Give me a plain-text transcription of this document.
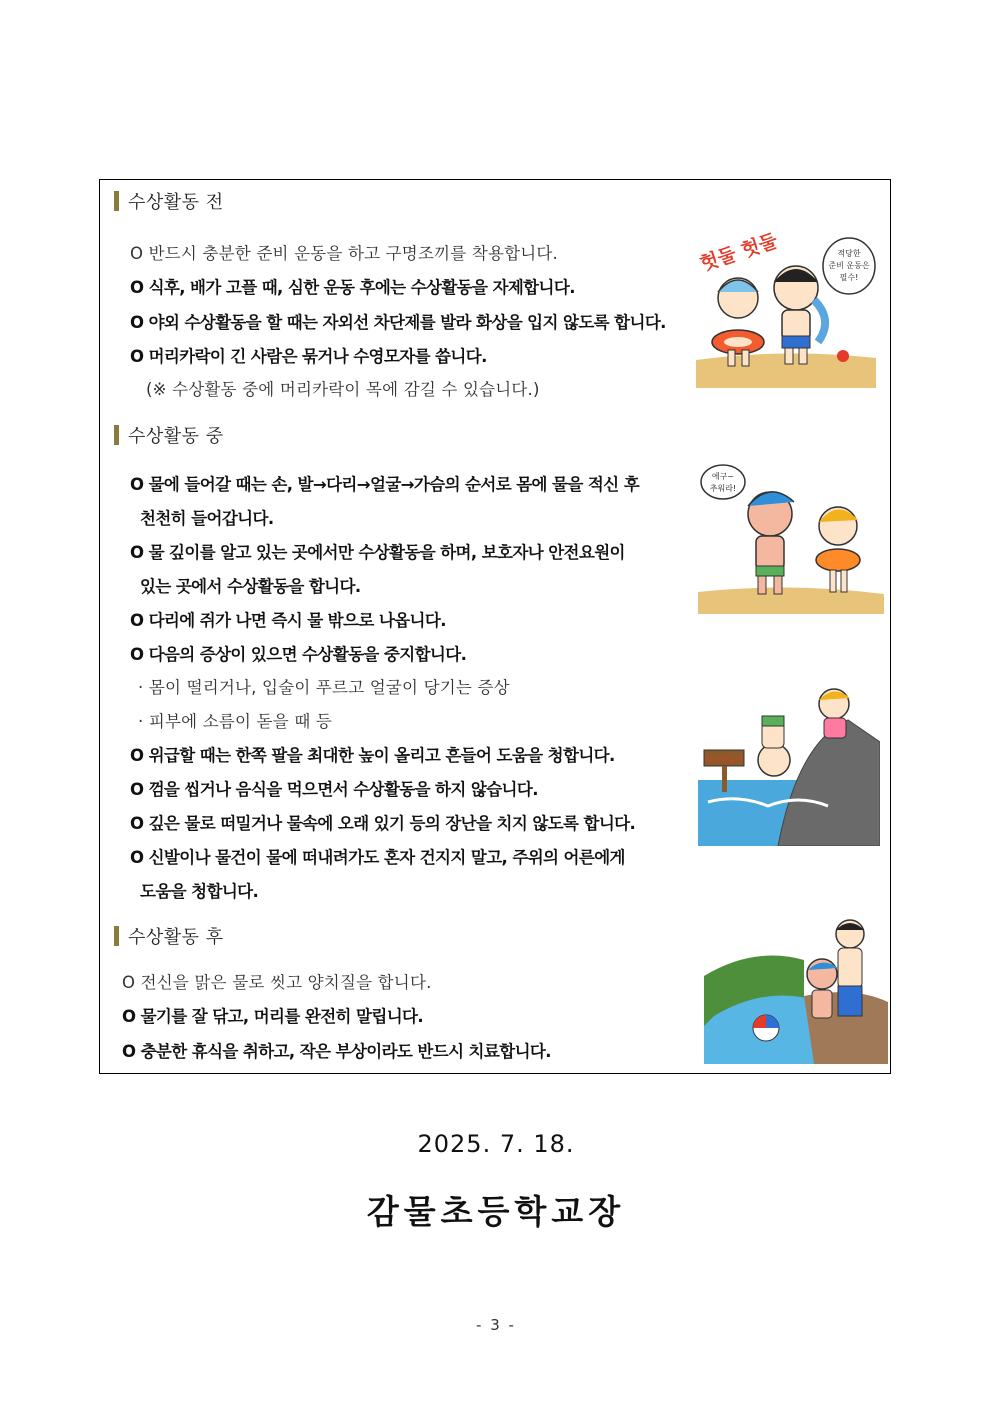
수상활동 전
O 반드시 충분한 준비 운동을 하고 구명조끼를 착용합니다.
O 식후, 배가 고플 때, 심한 운동 후에는 수상활동을 자제합니다.
O 야외 수상활동을 할 때는 자외선 차단제를 발라 화상을 입지 않도록 합니다.
O 머리카락이 긴 사람은 묶거나 수영모자를 씁니다.
(※ 수상활동 중에 머리카락이 목에 감길 수 있습니다.)
수상활동 중
O 물에 들어갈 때는 손, 발→다리→얼굴→가슴의 순서로 몸에 물을 적신 후
천천히 들어갑니다.
O 물 깊이를 알고 있는 곳에서만 수상활동을 하며, 보호자나 안전요원이
있는 곳에서 수상활동을 합니다.
O 다리에 쥐가 나면 즉시 물 밖으로 나옵니다.
O 다음의 증상이 있으면 수상활동을 중지합니다.
· 몸이 떨리거나, 입술이 푸르고 얼굴이 당기는 증상
· 피부에 소름이 돋을 때 등
O 위급할 때는 한쪽 팔을 최대한 높이 올리고 흔들어 도움을 청합니다.
O 껌을 씹거나 음식을 먹으면서 수상활동을 하지 않습니다.
O 깊은 물로 떠밀거나 물속에 오래 있기 등의 장난을 치지 않도록 합니다.
O 신발이나 물건이 물에 떠내려가도 혼자 건지지 말고, 주위의 어른에게
도움을 청합니다.
수상활동 후
O 전신을 맑은 물로 씻고 양치질을 합니다.
O 물기를 잘 닦고, 머리를 완전히 말립니다.
O 충분한 휴식을 취하고, 작은 부상이라도 반드시 치료합니다.
헛둘 헛둘	적당한
준비 운동은
필수!
에구~
추워라!
다이빙금지
2025. 7. 18.
감물초등학교장
- 3 -
